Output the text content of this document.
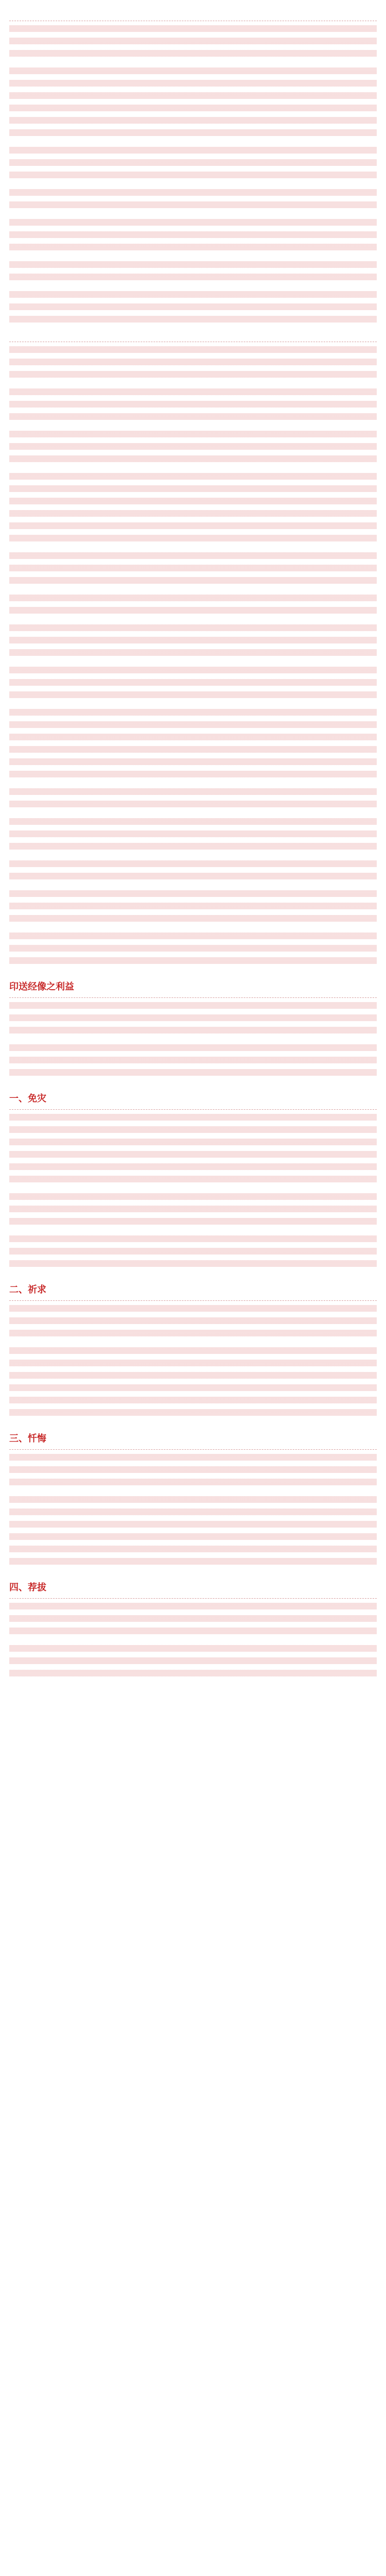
印送经像之利益
一、免灾
二、祈求
三、忏悔
四、荐拔
